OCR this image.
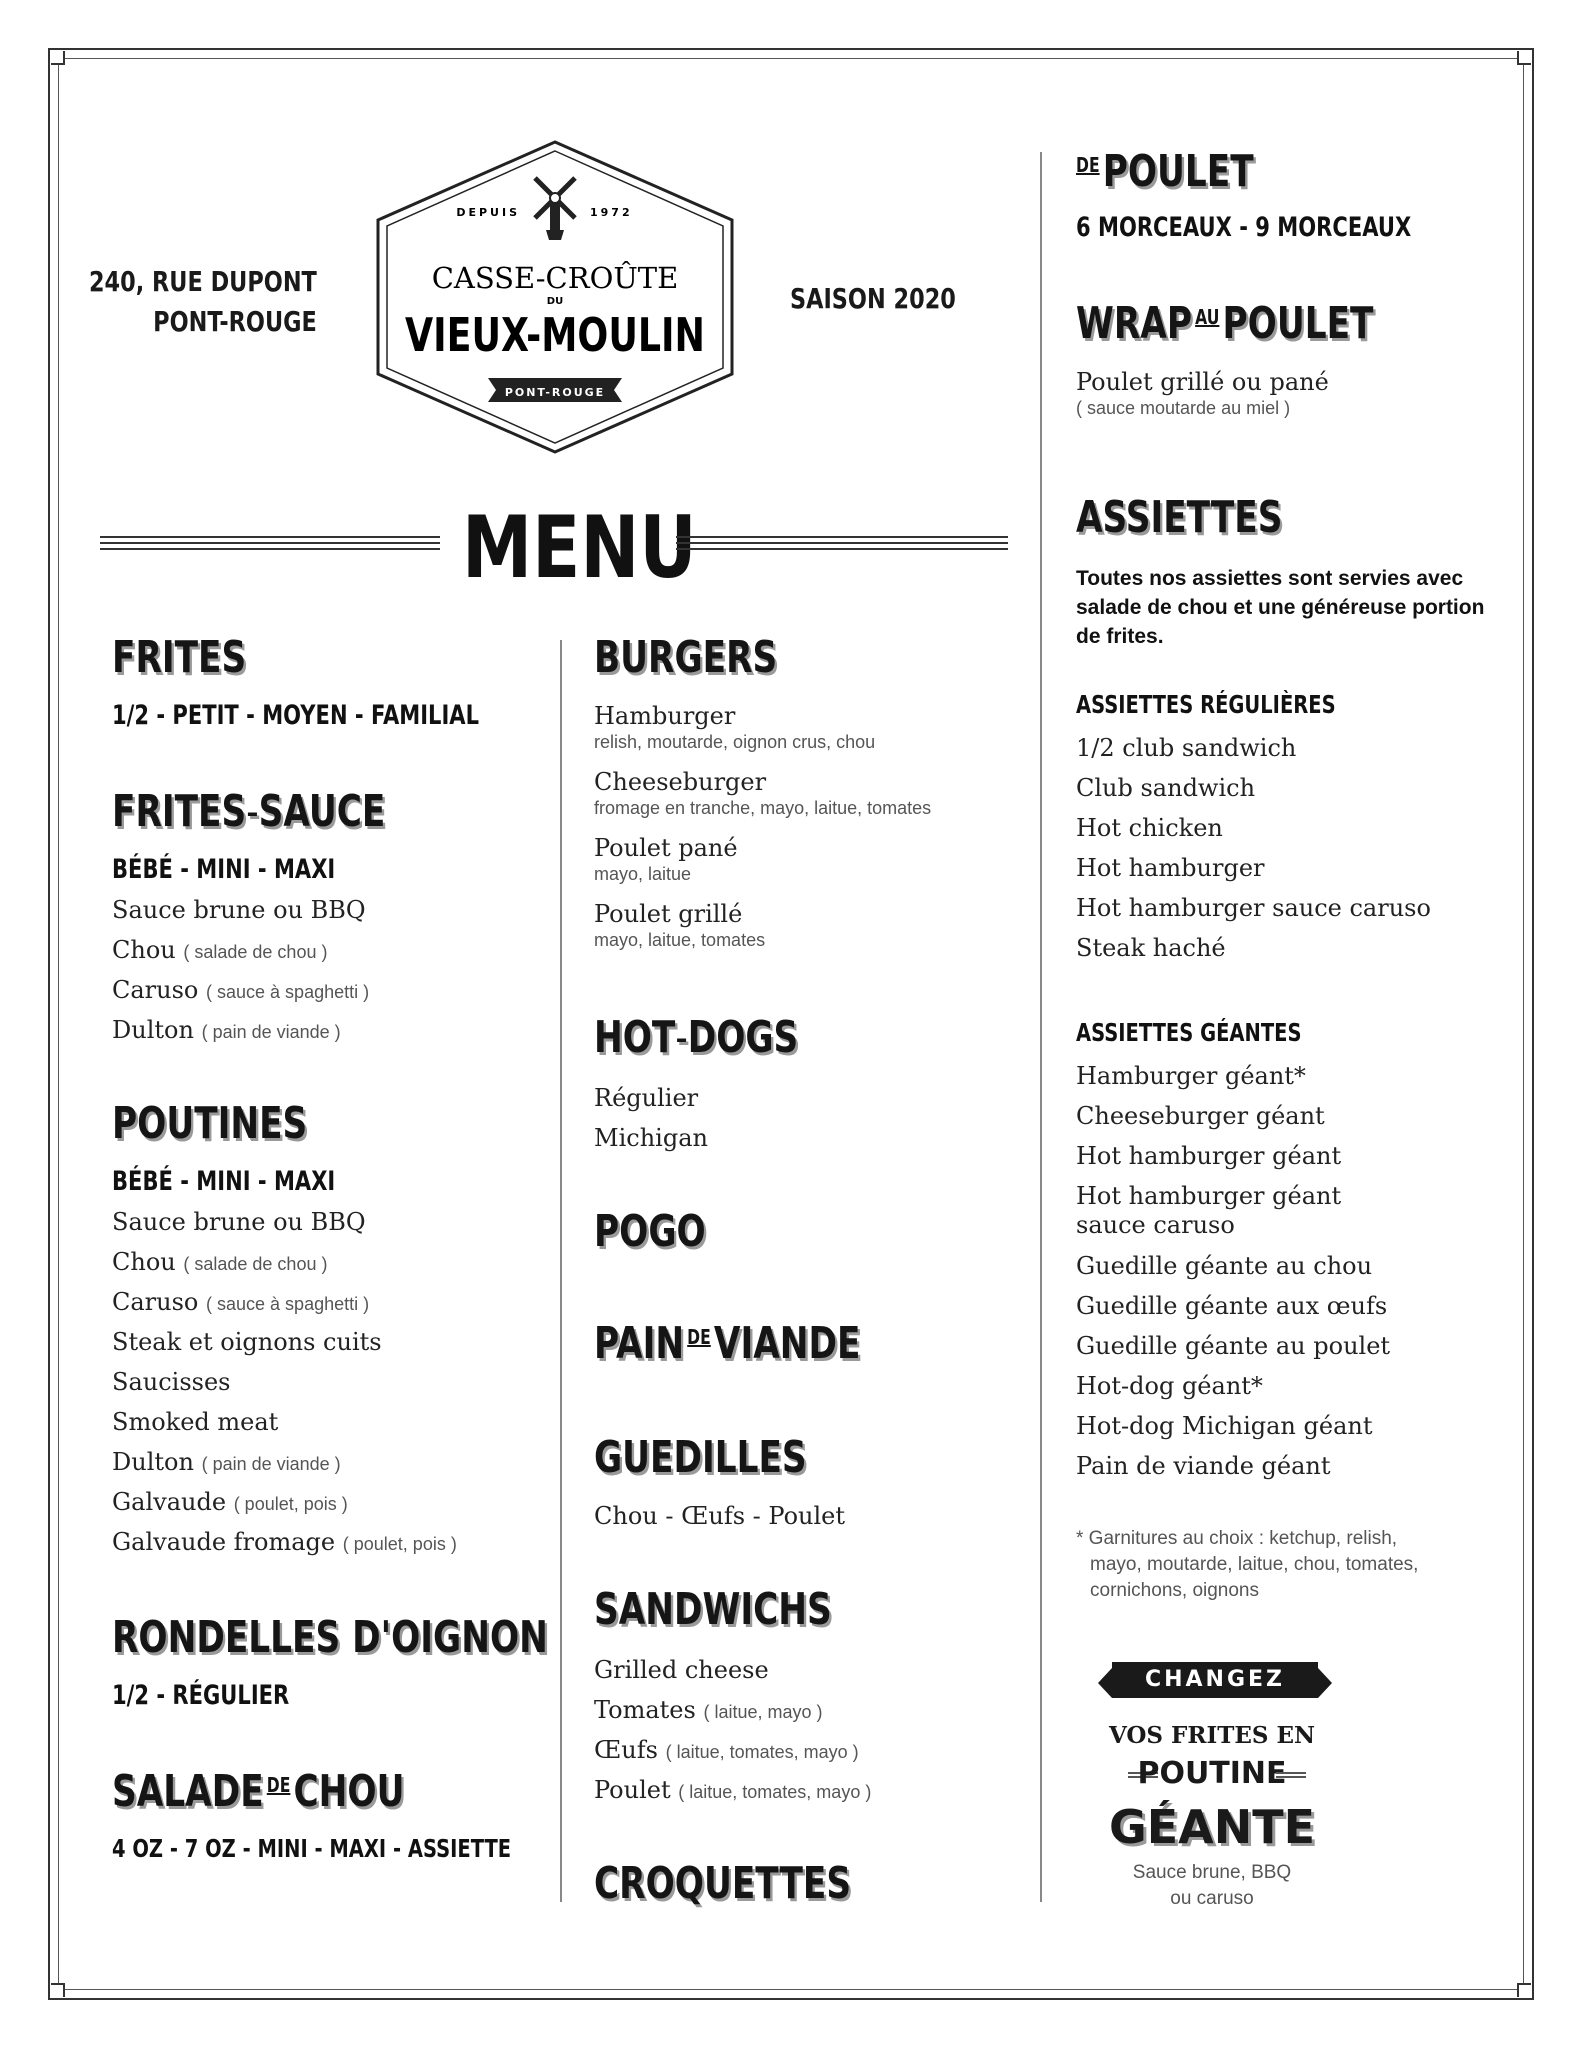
240, RUE DUPONT
PONT-ROUGE
SAISON 2020
DEPUIS	1972
CASSE-CROÛTE
DU
VIEUX-MOULIN
PONT-ROUGE
MENU
FRITES
1/2 - PETIT - MOYEN - FAMILIAL
FRITES-SAUCE
BÉBÉ - MINI - MAXI
Sauce brune ou BBQ
Chou ( salade de chou )
Caruso ( sauce à spaghetti )
Dulton ( pain de viande )
POUTINES
BÉBÉ - MINI - MAXI
Sauce brune ou BBQ
Chou ( salade de chou )
Caruso ( sauce à spaghetti )
Steak et oignons cuits
Saucisses
Smoked meat
Dulton ( pain de viande )
Galvaude ( poulet, pois )
Galvaude fromage ( poulet, pois )
RONDELLES D'OIGNON
1/2 - RÉGULIER
SALADE $^{DE}$CHOU
4 OZ - 7 OZ - MINI - MAXI - ASSIETTE
BURGERS
Hamburger
relish, moutarde, oignon crus, chou
Cheeseburger
fromage en tranche, mayo, laitue, tomates
Poulet pané
mayo, laitue
Poulet grillé
mayo, laitue, tomates
HOT-DOGS
Régulier
Michigan
POGO
PAIN $^{DE}$VIANDE
GUEDILLES
Chou - Œufs - Poulet
SANDWICHS
Grilled cheese
Tomates ( laitue, mayo )
Œufs ( laitue, tomates, mayo )
Poulet ( laitue, tomates, mayo )
CROQUETTES
$^{DE}$POULET
6 MORCEAUX - 9 MORCEAUX
WRAP $^{AU}$POULET
Poulet grillé ou pané
( sauce moutarde au miel )
ASSIETTES
Toutes nos assiettes sont servies avec salade de chou et une généreuse portion de frites.
ASSIETTES RÉGULIÈRES
1/2 club sandwich
Club sandwich
Hot chicken
Hot hamburger
Hot hamburger sauce caruso
Steak haché
ASSIETTES GÉANTES
Hamburger géant*
Cheeseburger géant
Hot hamburger géant
Hot hamburger géant
sauce caruso
Guedille géante au chou
Guedille géante aux œufs
Guedille géante au poulet
Hot-dog géant*
Hot-dog Michigan géant
Pain de viande géant
* Garnitures au choix : ketchup, relish,
mayo, moutarde, laitue, chou, tomates,
cornichons, oignons
CHANGEZ
VOS FRITES EN
POUTINE
GÉANTE
Sauce brune, BBQ
ou caruso
